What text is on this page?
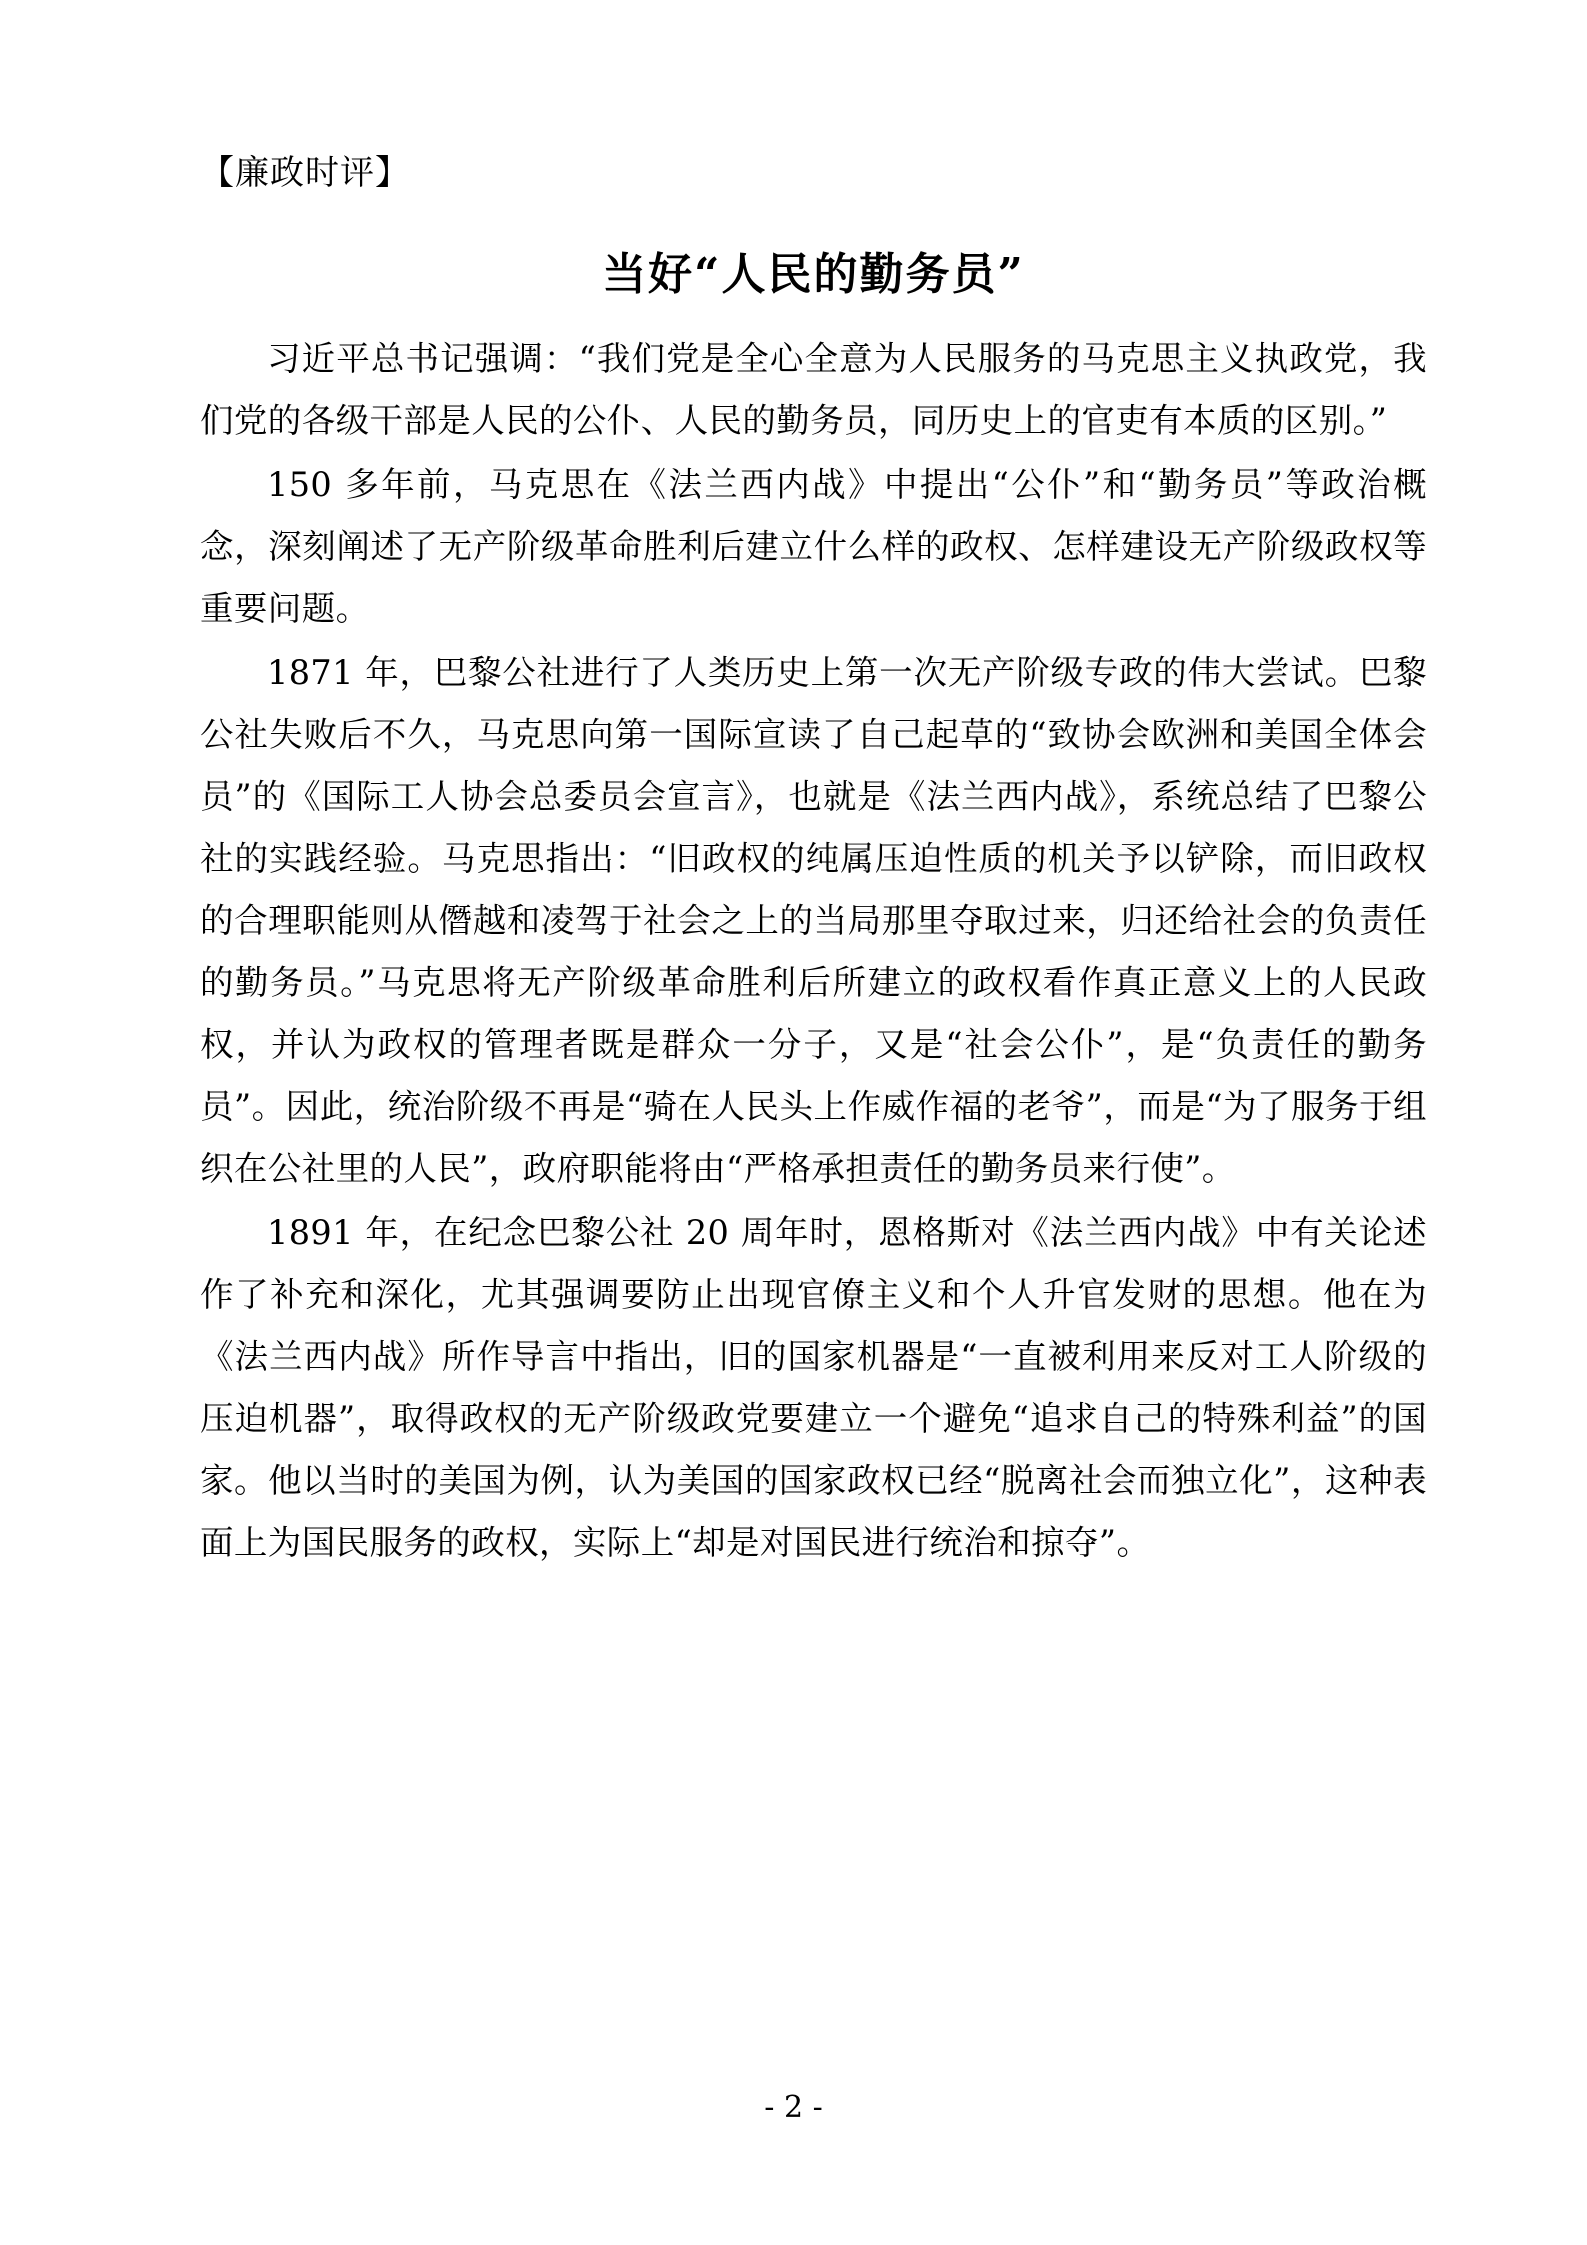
【廉政时评】
当好“人民的勤务员”

习近平总书记强调：“我们党是全心全意为人民服务的马克思主义执政党，我们党的各级干部是人民的公仆、人民的勤务员，同历史上的官吏有本质的区别。”

150 多年前，马克思在《法兰西内战》中提出“公仆”和“勤务员”等政治概念，深刻阐述了无产阶级革命胜利后建立什么样的政权、怎样建设无产阶级政权等重要问题。

1871 年，巴黎公社进行了人类历史上第一次无产阶级专政的伟大尝试。巴黎公社失败后不久，马克思向第一国际宣读了自己起草的“致协会欧洲和美国全体会员”的《国际工人协会总委员会宣言》，也就是《法兰西内战》，系统总结了巴黎公社的实践经验。马克思指出：“旧政权的纯属压迫性质的机关予以铲除，而旧政权的合理职能则从僭越和凌驾于社会之上的当局那里夺取过来，归还给社会的负责任的勤务员。”马克思将无产阶级革命胜利后所建立的政权看作真正意义上的人民政权，并认为政权的管理者既是群众一分子，又是“社会公仆”，是“负责任的勤务员”。因此，统治阶级不再是“骑在人民头上作威作福的老爷”，而是“为了服务于组织在公社里的人民”，政府职能将由“严格承担责任的勤务员来行使”。

1891 年，在纪念巴黎公社 20 周年时，恩格斯对《法兰西内战》中有关论述作了补充和深化，尤其强调要防止出现官僚主义和个人升官发财的思想。他在为《法兰西内战》所作导言中指出，旧的国家机器是“一直被利用来反对工人阶级的压迫机器”，取得政权的无产阶级政党要建立一个避免“追求自己的特殊利益”的国家。他以当时的美国为例，认为美国的国家政权已经“脱离社会而独立化”，这种表面上为国民服务的政权，实际上“却是对国民进行统治和掠夺”。

- 2 -
